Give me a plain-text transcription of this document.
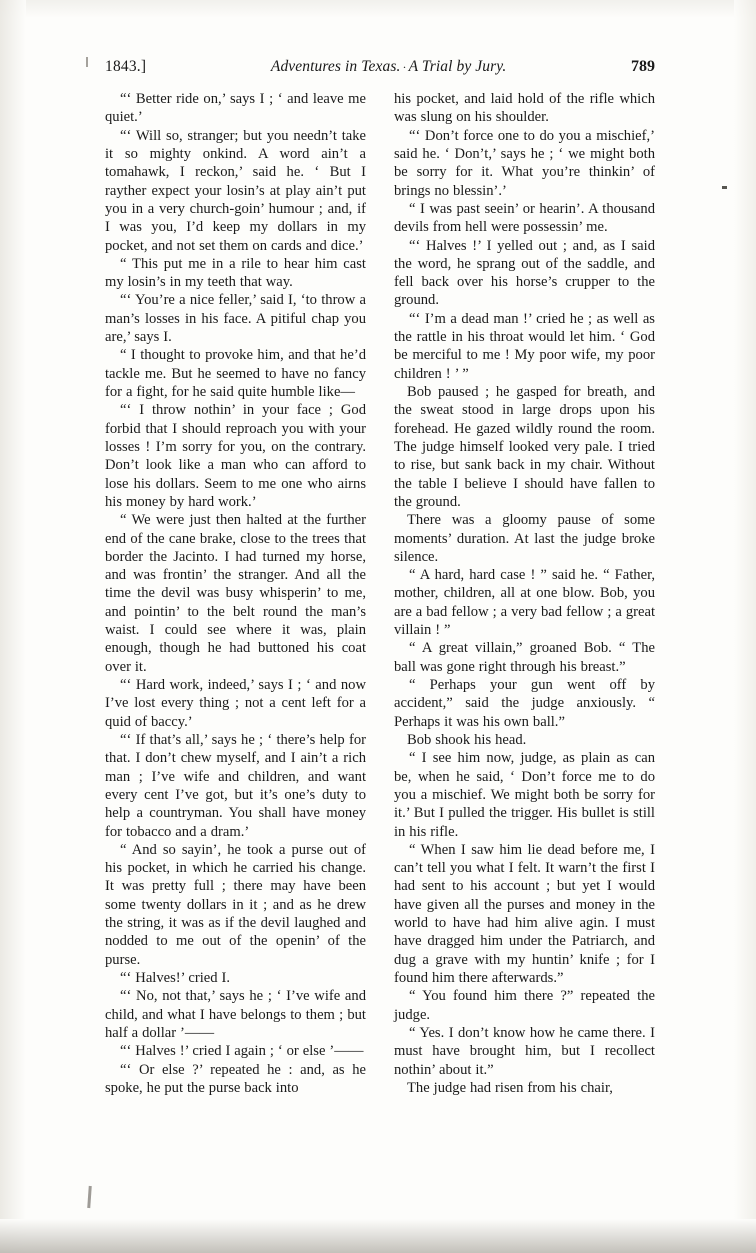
1843.]	Adventures in Texas. · A Trial by Jury.	789

“‘ Better ride on,’ says I ; ‘ and leave me quiet.’

“‘ Will so, stranger; but you needn’t take it so mighty onkind. A word ain’t a tomahawk, I reckon,’ said he. ‘ But I rayther expect your losin’s at play ain’t put you in a very church-goin’ humour ; and, if I was you, I’d keep my dollars in my pocket, and not set them on cards and dice.’

“ This put me in a rile to hear him cast my losin’s in my teeth that way.

“‘ You’re a nice feller,’ said I, ‘to throw a man’s losses in his face. A pitiful chap you are,’ says I.

“ I thought to provoke him, and that he’d tackle me. But he seemed to have no fancy for a fight, for he said quite humble like—

“‘ I throw nothin’ in your face ; God forbid that I should reproach you with your losses ! I’m sorry for you, on the contrary. Don’t look like a man who can afford to lose his dollars. Seem to me one who airns his money by hard work.’

“ We were just then halted at the further end of the cane brake, close to the trees that border the Jacinto. I had turned my horse, and was frontin’ the stranger. And all the time the devil was busy whisperin’ to me, and pointin’ to the belt round the man’s waist. I could see where it was, plain enough, though he had buttoned his coat over it.

“‘ Hard work, indeed,’ says I ; ‘ and now I’ve lost every thing ; not a cent left for a quid of baccy.’

“‘ If that’s all,’ says he ; ‘ there’s help for that. I don’t chew myself, and I ain’t a rich man ; I’ve wife and children, and want every cent I’ve got, but it’s one’s duty to help a countryman. You shall have money for tobacco and a dram.’

“ And so sayin’, he took a purse out of his pocket, in which he carried his change. It was pretty full ; there may have been some twenty dollars in it ; and as he drew the string, it was as if the devil laughed and nodded to me out of the openin’ of the purse.

“‘ Halves!’ cried I.

“‘ No, not that,’ says he ; ‘ I’ve wife and child, and what I have belongs to them ; but half a dollar ’——

“‘ Halves !’ cried I again ; ‘ or else ’——

“‘ Or else ?’ repeated he : and, as he spoke, he put the purse back into

his pocket, and laid hold of the rifle which was slung on his shoulder.

“‘ Don’t force one to do you a mischief,’ said he. ‘ Don’t,’ says he ; ‘ we might both be sorry for it. What you’re thinkin’ of brings no blessin’.’

“ I was past seein’ or hearin’. A thousand devils from hell were possessin’ me.

“‘ Halves !’ I yelled out ; and, as I said the word, he sprang out of the saddle, and fell back over his horse’s crupper to the ground.

“‘ I’m a dead man !’ cried he ; as well as the rattle in his throat would let him. ‘ God be merciful to me ! My poor wife, my poor children ! ’ ”

Bob paused ; he gasped for breath, and the sweat stood in large drops upon his forehead. He gazed wildly round the room. The judge himself looked very pale. I tried to rise, but sank back in my chair. Without the table I believe I should have fallen to the ground.

There was a gloomy pause of some moments’ duration. At last the judge broke silence.

“ A hard, hard case ! ” said he. “ Father, mother, children, all at one blow. Bob, you are a bad fellow ; a very bad fellow ; a great villain ! ”

“ A great villain,” groaned Bob. “ The ball was gone right through his breast.”

“ Perhaps your gun went off by accident,” said the judge anxiously. “ Perhaps it was his own ball.”

Bob shook his head.

“ I see him now, judge, as plain as can be, when he said, ‘ Don’t force me to do you a mischief. We might both be sorry for it.’ But I pulled the trigger. His bullet is still in his rifle.

“ When I saw him lie dead before me, I can’t tell you what I felt. It warn’t the first I had sent to his account ; but yet I would have given all the purses and money in the world to have had him alive agin. I must have dragged him under the Patriarch, and dug a grave with my huntin’ knife ; for I found him there afterwards.”

“ You found him there ?” repeated the judge.

“ Yes. I don’t know how he came there. I must have brought him, but I recollect nothin’ about it.”

The judge had risen from his chair,
